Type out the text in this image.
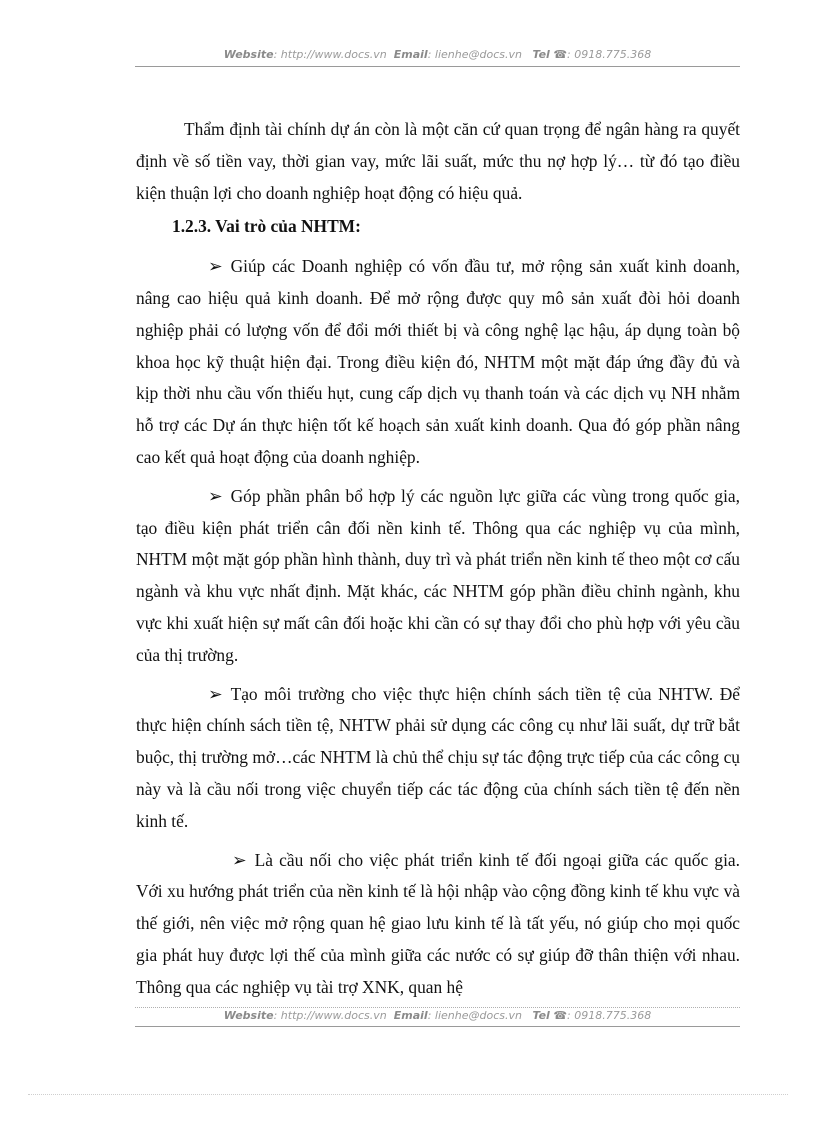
Website: http://www.docs.vn Email: lienhe@docs.vn Tel ☎: 0918.775.368

Thẩm định tài chính dự án còn là một căn cứ quan trọng để ngân hàng ra quyết định về số tiền vay, thời gian vay, mức lãi suất, mức thu nợ hợp lý… từ đó tạo điều kiện thuận lợi cho doanh nghiệp hoạt động có hiệu quả.

1.2.3. Vai trò của NHTM:

➢ Giúp các Doanh nghiệp có vốn đầu tư, mở rộng sản xuất kinh doanh, nâng cao hiệu quả kinh doanh. Để mở rộng được quy mô sản xuất đòi hỏi doanh nghiệp phải có lượng vốn để đổi mới thiết bị và công nghệ lạc hậu, áp dụng toàn bộ khoa học kỹ thuật hiện đại. Trong điều kiện đó, NHTM một mặt đáp ứng đầy đủ và kịp thời nhu cầu vốn thiếu hụt, cung cấp dịch vụ thanh toán và các dịch vụ NH nhằm hỗ trợ các Dự án thực hiện tốt kế hoạch sản xuất kinh doanh. Qua đó góp phần nâng cao kết quả hoạt động của doanh nghiệp.

➢ Góp phần phân bổ hợp lý các nguồn lực giữa các vùng trong quốc gia, tạo điều kiện phát triển cân đối nền kinh tế. Thông qua các nghiệp vụ của mình, NHTM một mặt góp phần hình thành, duy trì và phát triển nền kinh tế theo một cơ cấu ngành và khu vực nhất định. Mặt khác, các NHTM góp phần điều chỉnh ngành, khu vực khi xuất hiện sự mất cân đối hoặc khi cần có sự thay đổi cho phù hợp với yêu cầu của thị trường.

➢ Tạo môi trường cho việc thực hiện chính sách tiền tệ của NHTW. Để thực hiện chính sách tiền tệ, NHTW phải sử dụng các công cụ như lãi suất, dự trữ bắt buộc, thị trường mở…các NHTM là chủ thể chịu sự tác động trực tiếp của các công cụ này và là cầu nối trong việc chuyển tiếp các tác động của chính sách tiền tệ đến nền kinh tế.

➢ Là cầu nối cho việc phát triển kinh tế đối ngoại giữa các quốc gia. Với xu hướng phát triển của nền kinh tế là hội nhập vào cộng đồng kinh tế khu vực và thế giới, nên việc mở rộng quan hệ giao lưu kinh tế là tất yếu, nó giúp cho mọi quốc gia phát huy được lợi thế của mình giữa các nước có sự giúp đỡ thân thiện với nhau. Thông qua các nghiệp vụ tài trợ XNK, quan hệ

Website: http://www.docs.vn Email: lienhe@docs.vn Tel ☎: 0918.775.368
